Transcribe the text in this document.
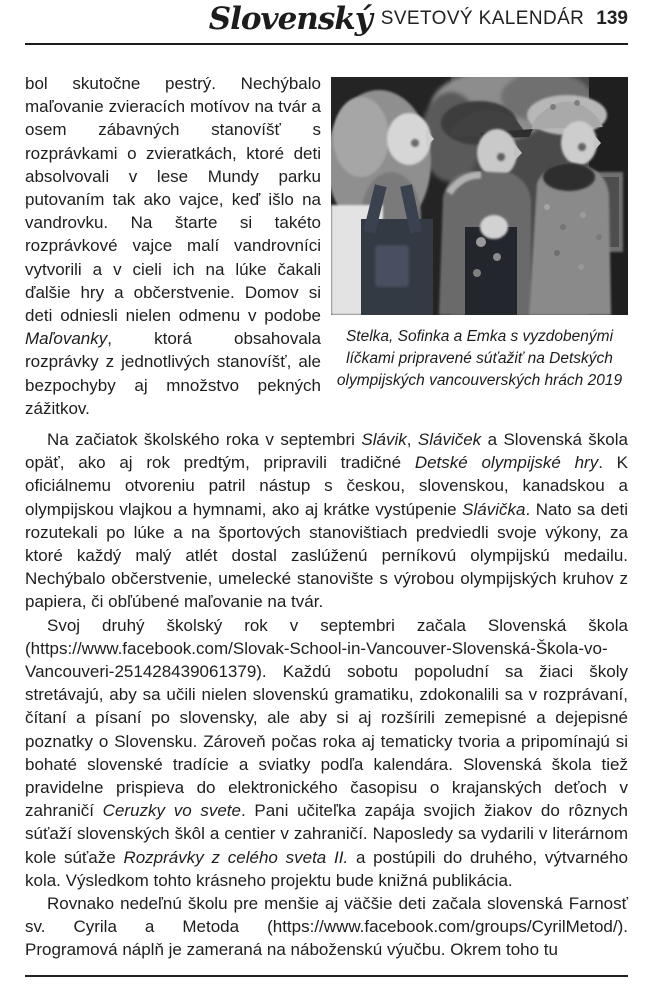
Slovenský SVETOVÝ KALENDÁR 139

bol skutočne pestrý. Nechýbalo maľovanie zvieracích motívov na tvár a osem zábavných stanovíšť s rozprávkami o zvieratkách, ktoré deti absolvovali v lese Mundy parku putovaním tak ako vajce, keď išlo na vandrovku. Na štarte si takéto rozprávkové vajce malí vandrovníci vytvorili a v cieli ich na lúke čakali ďalšie hry a občerstvenie. Domov si deti odniesli nielen odmenu v podobe Maľovanky, ktorá obsahovala rozprávky z jednotlivých stanovíšť, ale bezpochyby aj množstvo pekných zážitkov.

Stelka, Sofinka a Emka s vyzdobenými
líčkami pripravené súťažiť na Detských
olympijských vancouverských hrách 2019

Na začiatok školského roka v septembri Slávik, Sláviček a Slovenská škola opäť, ako aj rok predtým, pripravili tradičné Detské olympijské hry. K oficiálnemu otvoreniu patril nástup s českou, slovenskou, kanadskou a olympijskou vlajkou a hymnami, ako aj krátke vystúpenie Slávička. Nato sa deti rozutekali po lúke a na športových stanovištiach predviedli svoje výkony, za ktoré každý malý atlét dostal zaslúženú perníkovú olympijskú medailu. Nechýbalo občerstvenie, umelecké stanovište s výrobou olympijských kruhov z papiera, či obľúbené maľovanie na tvár.

Svoj druhý školský rok v septembri začala Slovenská škola (https://www.facebook.com/Slovak-School-in-Vancouver-Slovenská-Škola-vo-Vancouveri-251428439061379). Každú sobotu popoludní sa žiaci školy stretávajú, aby sa učili nielen slovenskú gramatiku, zdokonalili sa v rozprávaní, čítaní a písaní po slovensky, ale aby si aj rozšírili zemepisné a dejepisné poznatky o Slovensku. Zároveň počas roka aj tematicky tvoria a pripomínajú si bohaté slovenské tradície a sviatky podľa kalendára. Slovenská škola tiež pravidelne prispieva do elektronického časopisu o krajanských deťoch v zahraničí Ceruzky vo svete. Pani učiteľka zapája svojich žiakov do rôznych súťaží slovenských škôl a centier v zahraničí. Naposledy sa vydarili v literárnom kole súťaže Rozprávky z celého sveta II. a postúpili do druhého, výtvarného kola. Výsledkom tohto krásneho projektu bude knižná publikácia.

Rovnako nedeľnú školu pre menšie aj väčšie deti začala slovenská Farnosť sv. Cyrila a Metoda (https://www.facebook.com/groups/CyrilMetod/). Programová náplň je zameraná na náboženskú výučbu. Okrem toho tu
